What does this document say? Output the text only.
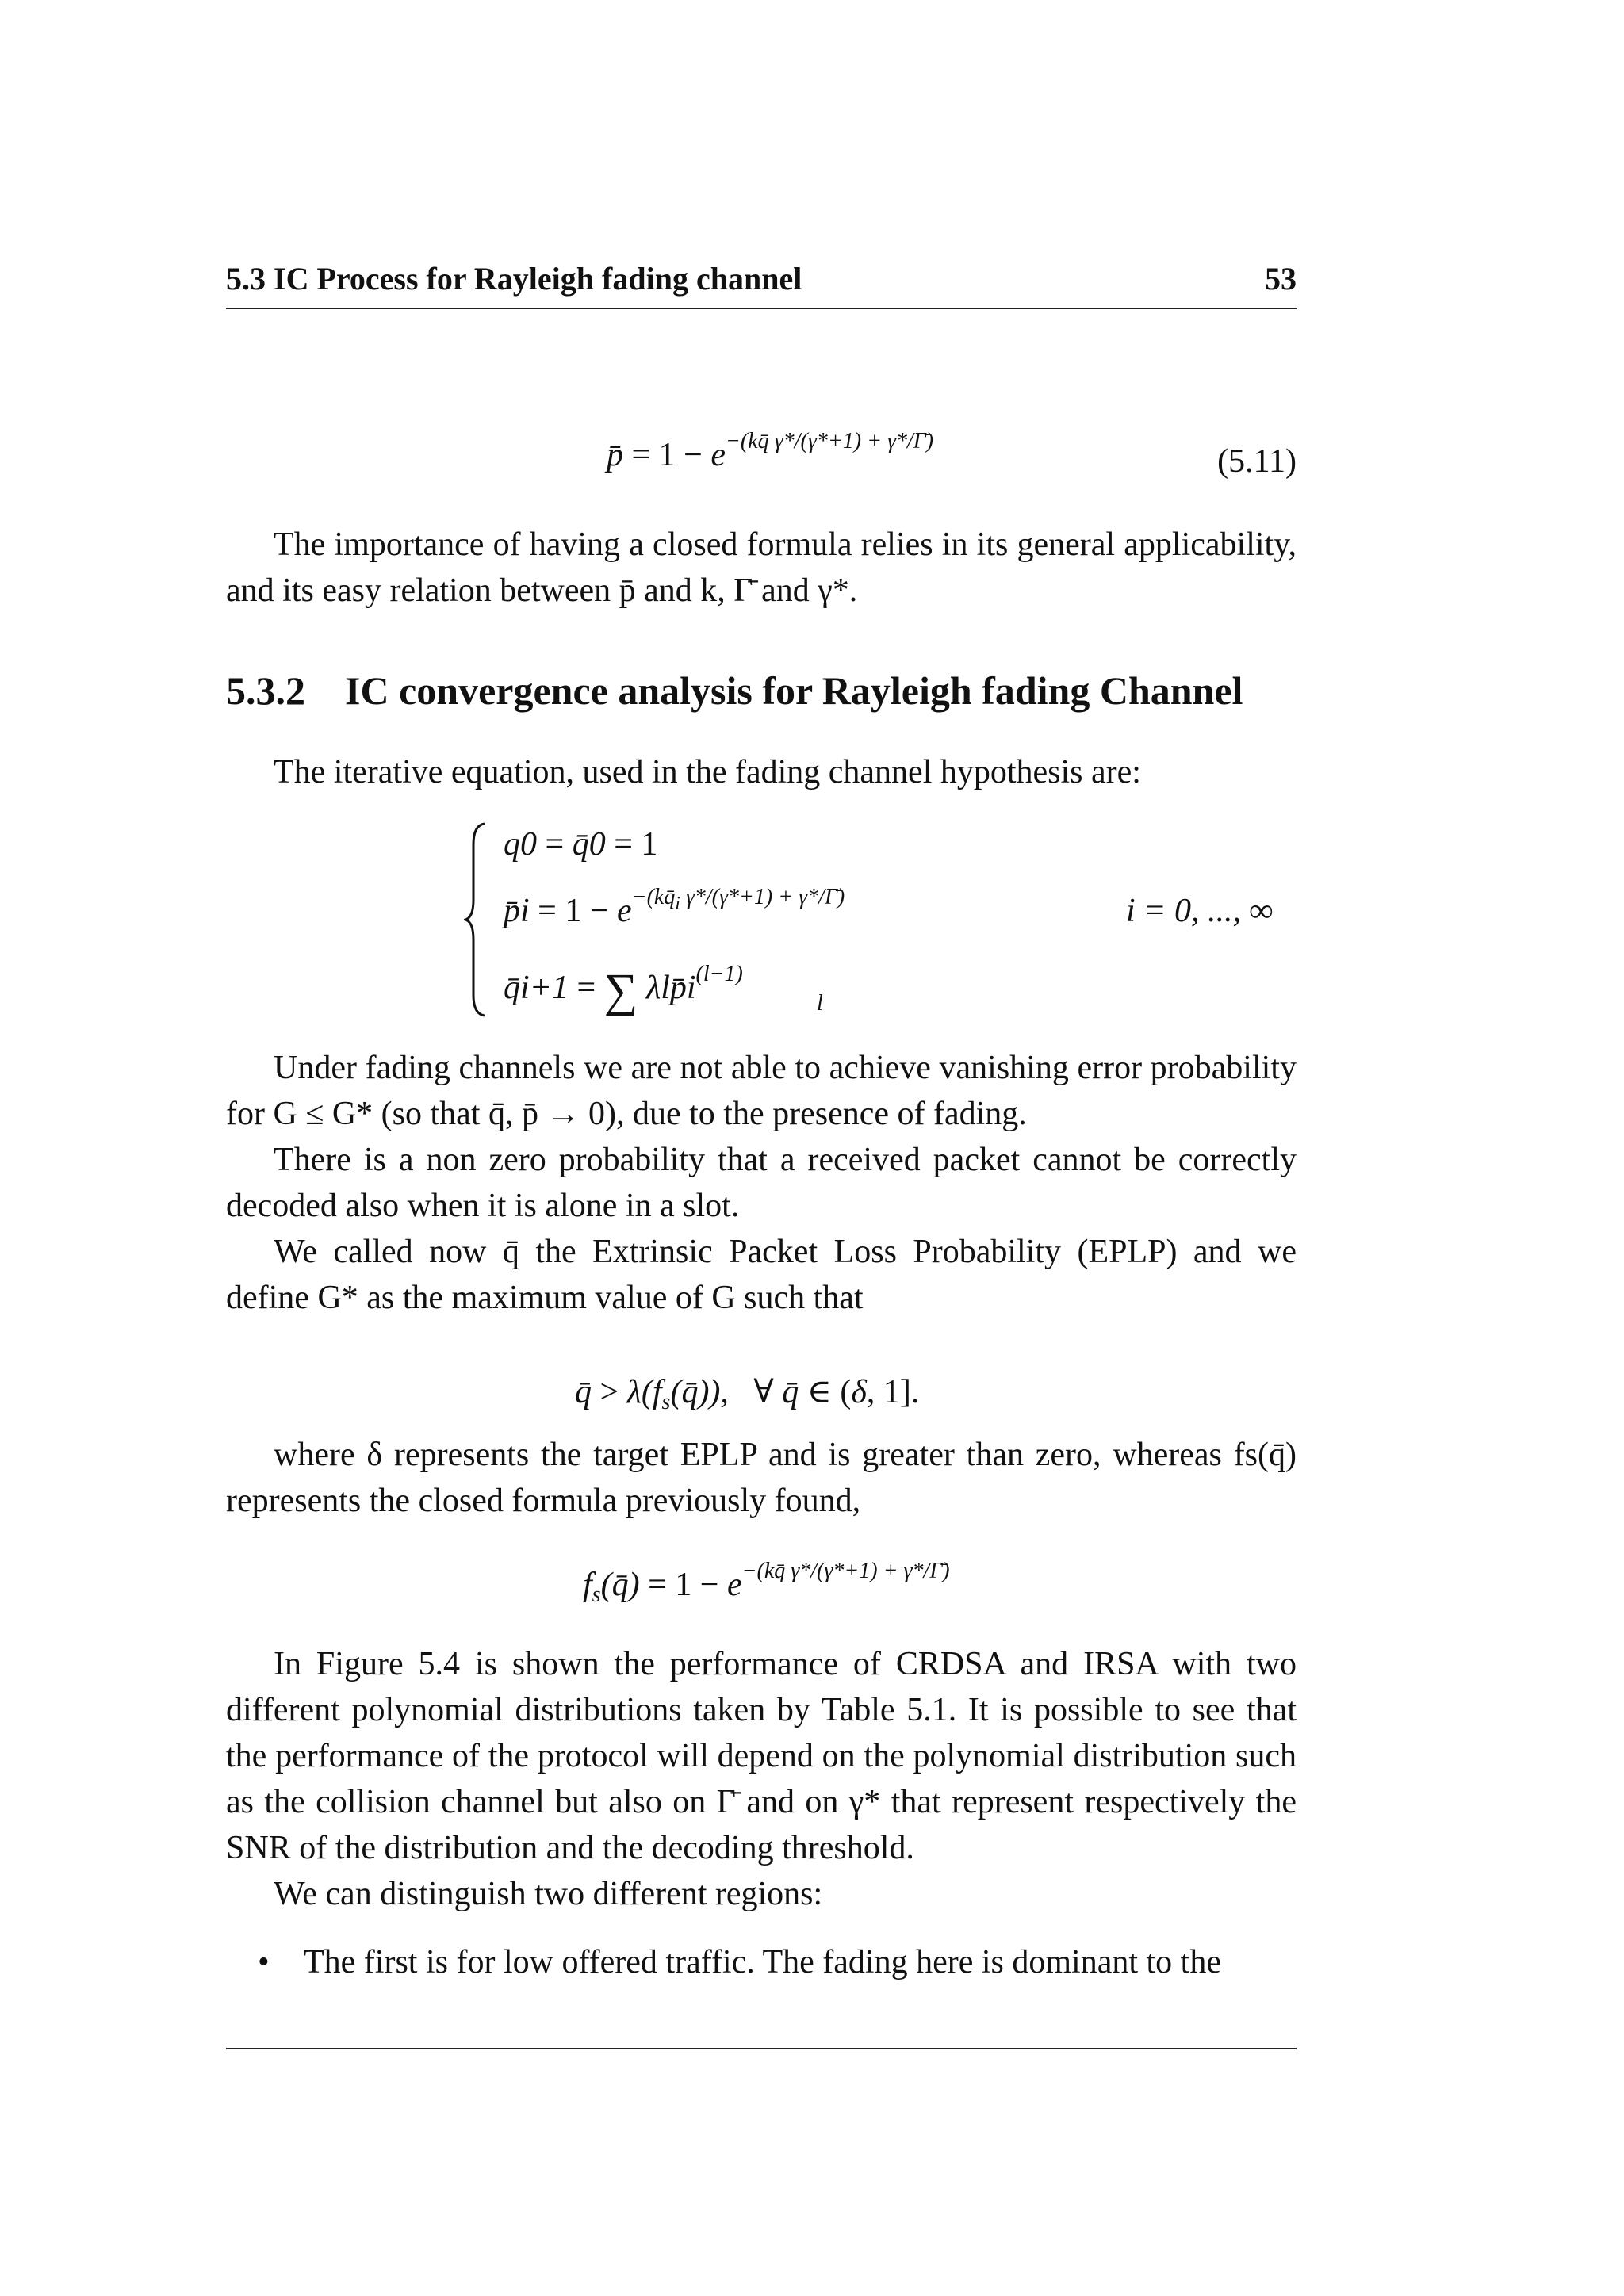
5.3 IC Process for Rayleigh fading channel	53
p̄ = $1 - e^{-(kq̄ \gamma*/(\gamma*+1) + \gamma*/\Gammā)}$
(5.11)

The importance of having a closed formula relies in its general applicability, and its easy relation between p̄ and k, Γ̄ and γ*.

5.3.2 IC convergence analysis for Rayleigh fading Channel

The iterative equation, used in the fading channel hypothesis are:

q0 = q̄0 = 1
p̄i = $1 - e^{-(kq̄_i \gamma*/(\gamma*+1) + \gamma*/\Gammā)}$
q̄i+1 = ∑ $\lambda lp̄i^{(l-1)}$
l
i = 0, ..., ∞

Under fading channels we are not able to achieve vanishing error probability for G ≤ G* (so that q̄, p̄ → 0), due to the presence of fading.

There is a non zero probability that a received packet cannot be correctly decoded also when it is alone in a slot.

We called now q̄ the Extrinsic Packet Loss Probability (EPLP) and we define G* as the maximum value of G such that

q̄ > λ(fs(q̄)),   ∀ q̄ ∈ (δ, 1].

where δ represents the target EPLP and is greater than zero, whereas fs(q̄) represents the closed formula previously found,

fs(q̄) = $1 - e^{-(kq̄ \gamma*/(\gamma*+1) + \gamma*/\Gammā)}$

In Figure 5.4 is shown the performance of CRDSA and IRSA with two different polynomial distributions taken by Table 5.1. It is possible to see that the performance of the protocol will depend on the polynomial distribution such as the collision channel but also on Γ̄ and on γ* that represent respectively the SNR of the distribution and the decoding threshold.

We can distinguish two different regions:

• The first is for low offered traffic. The fading here is dominant to the
